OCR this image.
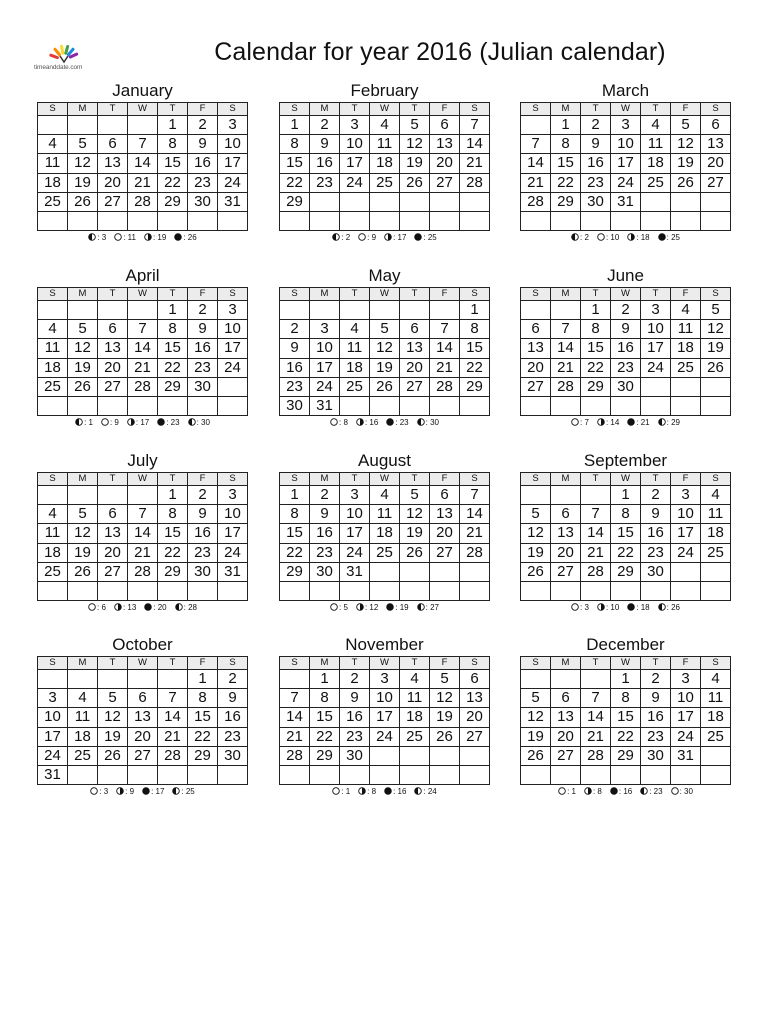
timeanddate.com
Calendar for year 2016 (Julian calendar)
January
S	M	T	W	T	F	S
				1	2	3
4	5	6	7	8	9	10
11	12	13	14	15	16	17
18	19	20	21	22	23	24
25	26	27	28	29	30	31

: 3 : 11 : 19 : 26
February
S	M	T	W	T	F	S
1	2	3	4	5	6	7
8	9	10	11	12	13	14
15	16	17	18	19	20	21
22	23	24	25	26	27	28
29						

: 2 : 9 : 17 : 25
March
S	M	T	W	T	F	S
	1	2	3	4	5	6
7	8	9	10	11	12	13
14	15	16	17	18	19	20
21	22	23	24	25	26	27
28	29	30	31			

: 2 : 10 : 18 : 25
April
S	M	T	W	T	F	S
				1	2	3
4	5	6	7	8	9	10
11	12	13	14	15	16	17
18	19	20	21	22	23	24
25	26	27	28	29	30	

: 1 : 9 : 17 : 23 : 30
May
S	M	T	W	T	F	S
						1
2	3	4	5	6	7	8
9	10	11	12	13	14	15
16	17	18	19	20	21	22
23	24	25	26	27	28	29
30	31					
: 8 : 16 : 23 : 30
June
S	M	T	W	T	F	S
		1	2	3	4	5
6	7	8	9	10	11	12
13	14	15	16	17	18	19
20	21	22	23	24	25	26
27	28	29	30			

: 7 : 14 : 21 : 29
July
S	M	T	W	T	F	S
				1	2	3
4	5	6	7	8	9	10
11	12	13	14	15	16	17
18	19	20	21	22	23	24
25	26	27	28	29	30	31

: 6 : 13 : 20 : 28
August
S	M	T	W	T	F	S
1	2	3	4	5	6	7
8	9	10	11	12	13	14
15	16	17	18	19	20	21
22	23	24	25	26	27	28
29	30	31				

: 5 : 12 : 19 : 27
September
S	M	T	W	T	F	S
			1	2	3	4
5	6	7	8	9	10	11
12	13	14	15	16	17	18
19	20	21	22	23	24	25
26	27	28	29	30		

: 3 : 10 : 18 : 26
October
S	M	T	W	T	F	S
					1	2
3	4	5	6	7	8	9
10	11	12	13	14	15	16
17	18	19	20	21	22	23
24	25	26	27	28	29	30
31						
: 3 : 9 : 17 : 25
November
S	M	T	W	T	F	S
	1	2	3	4	5	6
7	8	9	10	11	12	13
14	15	16	17	18	19	20
21	22	23	24	25	26	27
28	29	30				

: 1 : 8 : 16 : 24
December
S	M	T	W	T	F	S
			1	2	3	4
5	6	7	8	9	10	11
12	13	14	15	16	17	18
19	20	21	22	23	24	25
26	27	28	29	30	31	

: 1 : 8 : 16 : 23 : 30
